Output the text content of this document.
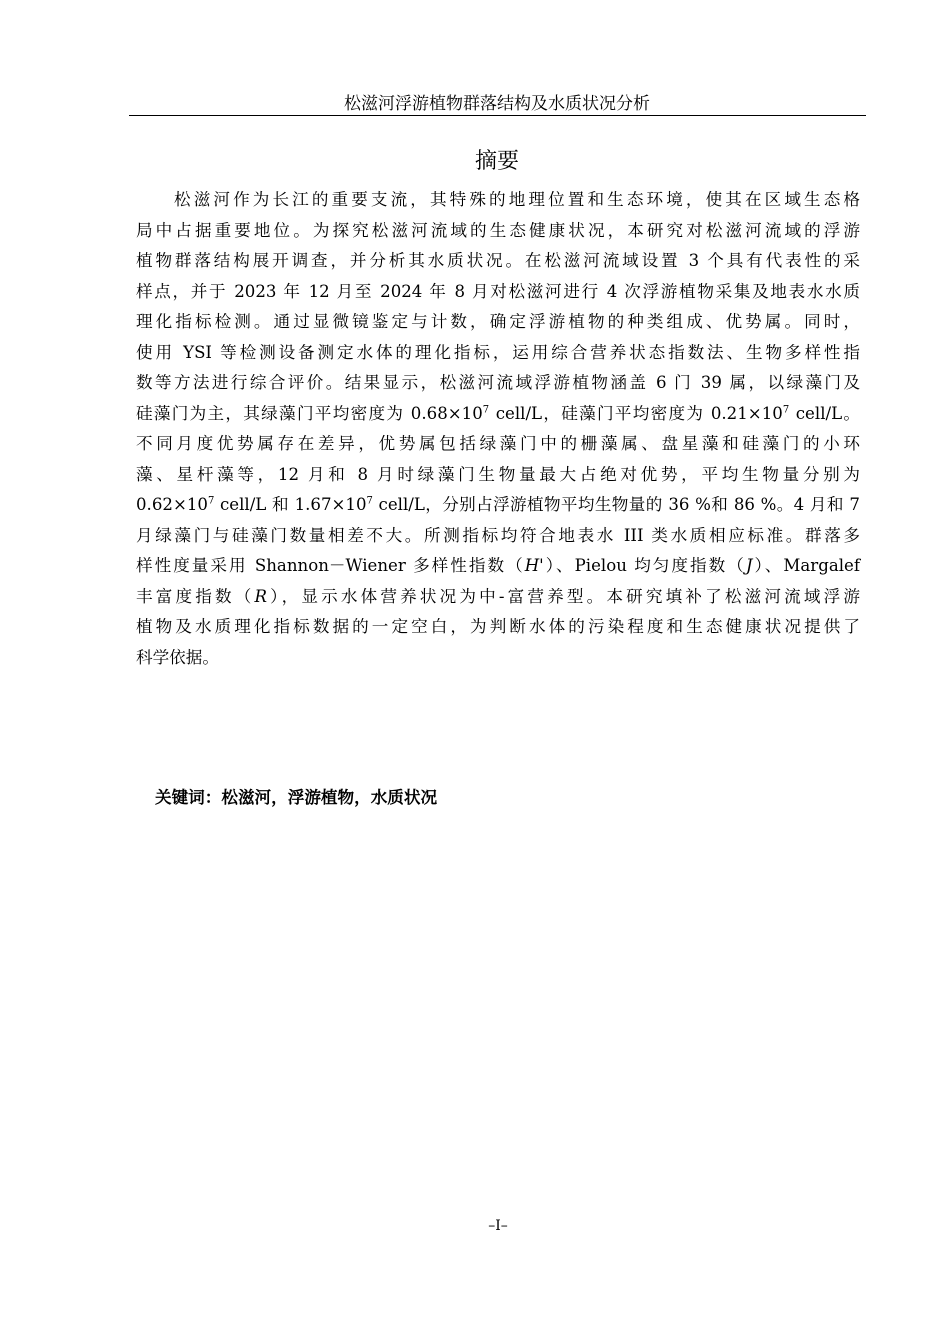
松滋河浮游植物群落结构及水质状况分析
摘要
松滋河作为长江的重要支流，其特殊的地理位置和生态环境，使其在区域生态格
局中占据重要地位。为探究松滋河流域的生态健康状况，本研究对松滋河流域的浮游
植物群落结构展开调查，并分析其水质状况。在松滋河流域设置 3 个具有代表性的采
样点，并于 2023 年 12 月至 2024 年 8 月对松滋河进行 4 次浮游植物采集及地表水水质
理化指标检测。通过显微镜鉴定与计数，确定浮游植物的种类组成、优势属。同时，
使用 YSI 等检测设备测定水体的理化指标，运用综合营养状态指数法、生物多样性指
数等方法进行综合评价。结果显示，松滋河流域浮游植物涵盖 6 门 39 属，以绿藻门及
硅藻门为主，其绿藻门平均密度为 $0.68\times 10^7$ cell/L，硅藻门平均密度为 $0.21\times 10^7$ cell/L。
不同月度优势属存在差异，优势属包括绿藻门中的栅藻属、盘星藻和硅藻门的小环
藻、星杆藻等，12 月和 8 月时绿藻门生物量最大占绝对优势，平均生物量分别为
$0.62\times 10^7$ cell/L 和 $1.67\times 10^7$ cell/L，分别占浮游植物平均生物量的 36 %和 86 %。4 月和 7
月绿藻门与硅藻门数量相差不大。所测指标均符合地表水 III 类水质相应标准。群落多
样性度量采用 Shannon－Wiener 多样性指数（H'）、Pielou 均匀度指数（J）、Margalef
丰富度指数（R），显示水体营养状况为中-富营养型。本研究填补了松滋河流域浮游
植物及水质理化指标数据的一定空白，为判断水体的污染程度和生态健康状况提供了
科学依据。
关键词：松滋河，浮游植物，水质状况
–I–
